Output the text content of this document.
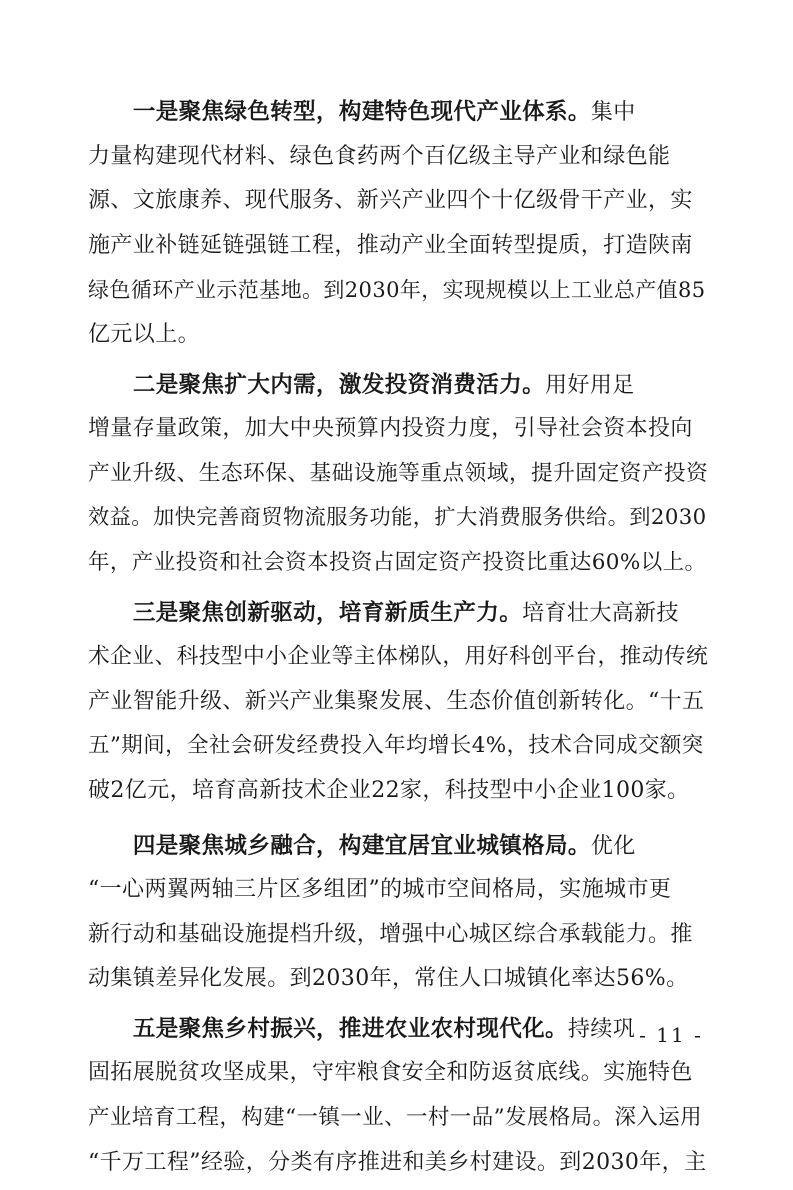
  一是聚焦绿色转型，构建特色现代产业体系。集中
力量构建现代材料、绿色食药两个百亿级主导产业和绿色能
源、文旅康养、现代服务、新兴产业四个十亿级骨干产业，实
施产业补链延链强链工程，推动产业全面转型提质，打造陕南
绿色循环产业示范基地。到2030年，实现规模以上工业总产值85
亿元以上。
  二是聚焦扩大内需，激发投资消费活力。用好用足
增量存量政策，加大中央预算内投资力度，引导社会资本投向
产业升级、生态环保、基础设施等重点领域，提升固定资产投资
效益。加快完善商贸物流服务功能，扩大消费服务供给。到2030
年，产业投资和社会资本投资占固定资产投资比重达60%以上。
  三是聚焦创新驱动，培育新质生产力。培育壮大高新技
术企业、科技型中小企业等主体梯队，用好科创平台，推动传统
产业智能升级、新兴产业集聚发展、生态价值创新转化。“十五
五”期间，全社会研发经费投入年均增长4%，技术合同成交额突
破2亿元，培育高新技术企业22家，科技型中小企业100家。
  四是聚焦城乡融合，构建宜居宜业城镇格局。优化
“一心两翼两轴三片区多组团”的城市空间格局，实施城市更
新行动和基础设施提档升级，增强中心城区综合承载能力。推
动集镇差异化发展。到2030年，常住人口城镇化率达56%。
  五是聚焦乡村振兴，推进农业农村现代化。持续巩
固拓展脱贫攻坚成果，守牢粮食安全和防返贫底线。实施特色
产业培育工程，构建“一镇一业、一村一品”发展格局。深入运用
“千万工程”经验，分类有序推进和美乡村建设。到2030年，主
- 11 -
